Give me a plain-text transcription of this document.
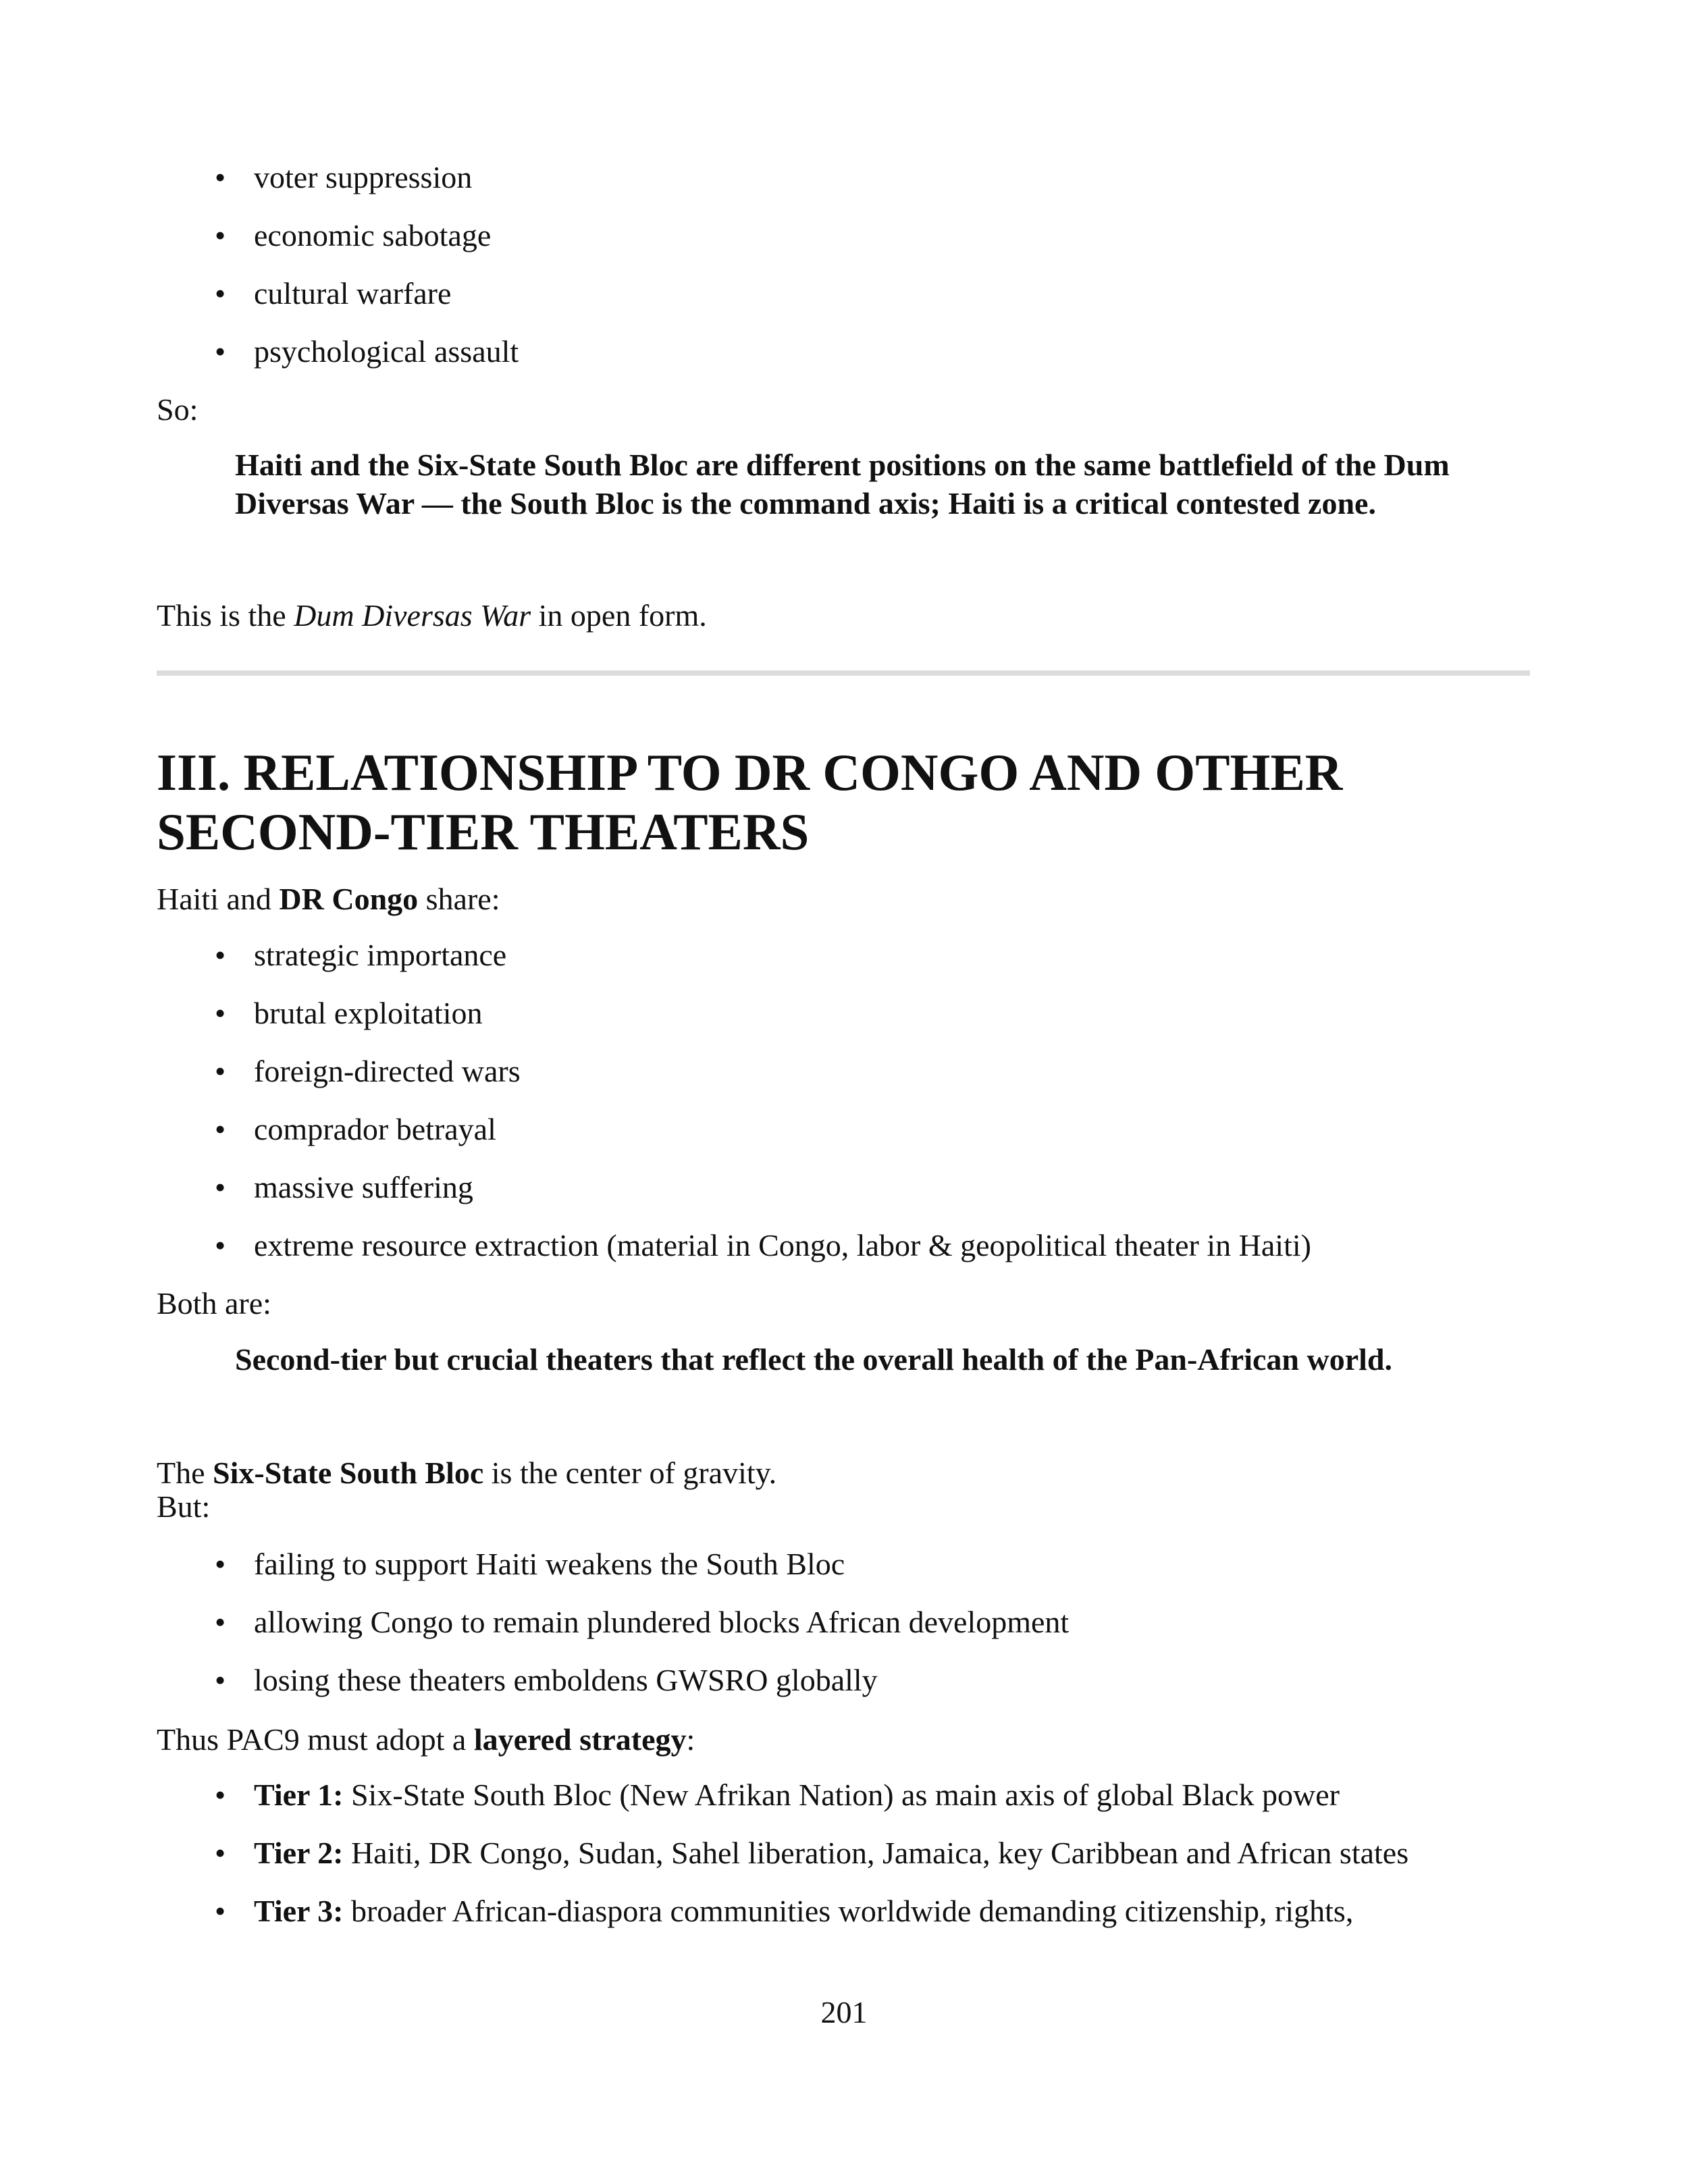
• voter suppression
• economic sabotage
• cultural warfare
• psychological assault

So:

Haiti and the Six-State South Bloc are different positions on the same battlefield of the Dum Diversas War — the South Bloc is the command axis; Haiti is a critical contested zone.

This is the Dum Diversas War in open form.

III. RELATIONSHIP TO DR CONGO AND OTHER SECOND-TIER THEATERS

Haiti and DR Congo share:

• strategic importance
• brutal exploitation
• foreign-directed wars
• comprador betrayal
• massive suffering
• extreme resource extraction (material in Congo, labor & geopolitical theater in Haiti)

Both are:

Second-tier but crucial theaters that reflect the overall health of the Pan-African world.

The Six-State South Bloc is the center of gravity.

But:

• failing to support Haiti weakens the South Bloc
• allowing Congo to remain plundered blocks African development
• losing these theaters emboldens GWSRO globally

Thus PAC9 must adopt a layered strategy:

• Tier 1: Six-State South Bloc (New Afrikan Nation) as main axis of global Black power
• Tier 2: Haiti, DR Congo, Sudan, Sahel liberation, Jamaica, key Caribbean and African states
• Tier 3: broader African-diaspora communities worldwide demanding citizenship, rights,
201
